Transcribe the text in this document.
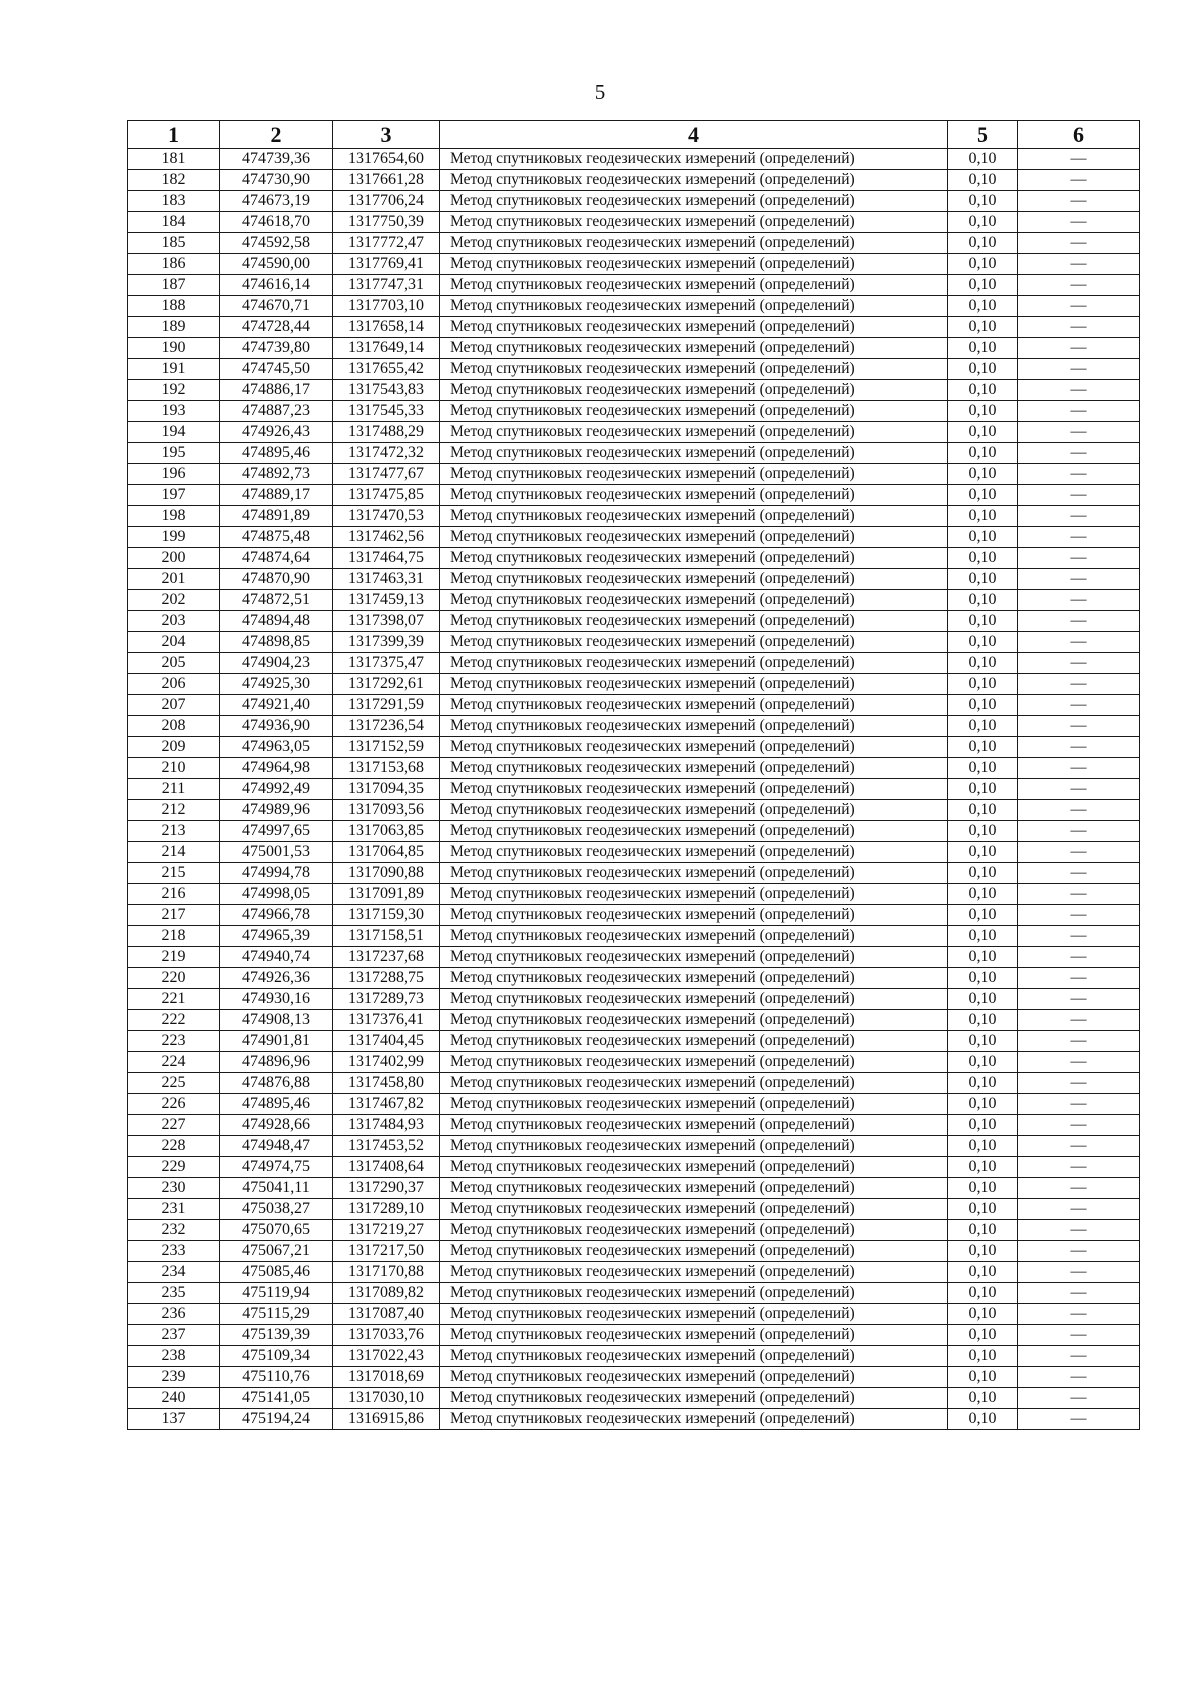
5
1	2	3	4	5	6
181	474739,36	1317654,60	Метод спутниковых геодезических измерений (определений)	0,10	—
182	474730,90	1317661,28	Метод спутниковых геодезических измерений (определений)	0,10	—
183	474673,19	1317706,24	Метод спутниковых геодезических измерений (определений)	0,10	—
184	474618,70	1317750,39	Метод спутниковых геодезических измерений (определений)	0,10	—
185	474592,58	1317772,47	Метод спутниковых геодезических измерений (определений)	0,10	—
186	474590,00	1317769,41	Метод спутниковых геодезических измерений (определений)	0,10	—
187	474616,14	1317747,31	Метод спутниковых геодезических измерений (определений)	0,10	—
188	474670,71	1317703,10	Метод спутниковых геодезических измерений (определений)	0,10	—
189	474728,44	1317658,14	Метод спутниковых геодезических измерений (определений)	0,10	—
190	474739,80	1317649,14	Метод спутниковых геодезических измерений (определений)	0,10	—
191	474745,50	1317655,42	Метод спутниковых геодезических измерений (определений)	0,10	—
192	474886,17	1317543,83	Метод спутниковых геодезических измерений (определений)	0,10	—
193	474887,23	1317545,33	Метод спутниковых геодезических измерений (определений)	0,10	—
194	474926,43	1317488,29	Метод спутниковых геодезических измерений (определений)	0,10	—
195	474895,46	1317472,32	Метод спутниковых геодезических измерений (определений)	0,10	—
196	474892,73	1317477,67	Метод спутниковых геодезических измерений (определений)	0,10	—
197	474889,17	1317475,85	Метод спутниковых геодезических измерений (определений)	0,10	—
198	474891,89	1317470,53	Метод спутниковых геодезических измерений (определений)	0,10	—
199	474875,48	1317462,56	Метод спутниковых геодезических измерений (определений)	0,10	—
200	474874,64	1317464,75	Метод спутниковых геодезических измерений (определений)	0,10	—
201	474870,90	1317463,31	Метод спутниковых геодезических измерений (определений)	0,10	—
202	474872,51	1317459,13	Метод спутниковых геодезических измерений (определений)	0,10	—
203	474894,48	1317398,07	Метод спутниковых геодезических измерений (определений)	0,10	—
204	474898,85	1317399,39	Метод спутниковых геодезических измерений (определений)	0,10	—
205	474904,23	1317375,47	Метод спутниковых геодезических измерений (определений)	0,10	—
206	474925,30	1317292,61	Метод спутниковых геодезических измерений (определений)	0,10	—
207	474921,40	1317291,59	Метод спутниковых геодезических измерений (определений)	0,10	—
208	474936,90	1317236,54	Метод спутниковых геодезических измерений (определений)	0,10	—
209	474963,05	1317152,59	Метод спутниковых геодезических измерений (определений)	0,10	—
210	474964,98	1317153,68	Метод спутниковых геодезических измерений (определений)	0,10	—
211	474992,49	1317094,35	Метод спутниковых геодезических измерений (определений)	0,10	—
212	474989,96	1317093,56	Метод спутниковых геодезических измерений (определений)	0,10	—
213	474997,65	1317063,85	Метод спутниковых геодезических измерений (определений)	0,10	—
214	475001,53	1317064,85	Метод спутниковых геодезических измерений (определений)	0,10	—
215	474994,78	1317090,88	Метод спутниковых геодезических измерений (определений)	0,10	—
216	474998,05	1317091,89	Метод спутниковых геодезических измерений (определений)	0,10	—
217	474966,78	1317159,30	Метод спутниковых геодезических измерений (определений)	0,10	—
218	474965,39	1317158,51	Метод спутниковых геодезических измерений (определений)	0,10	—
219	474940,74	1317237,68	Метод спутниковых геодезических измерений (определений)	0,10	—
220	474926,36	1317288,75	Метод спутниковых геодезических измерений (определений)	0,10	—
221	474930,16	1317289,73	Метод спутниковых геодезических измерений (определений)	0,10	—
222	474908,13	1317376,41	Метод спутниковых геодезических измерений (определений)	0,10	—
223	474901,81	1317404,45	Метод спутниковых геодезических измерений (определений)	0,10	—
224	474896,96	1317402,99	Метод спутниковых геодезических измерений (определений)	0,10	—
225	474876,88	1317458,80	Метод спутниковых геодезических измерений (определений)	0,10	—
226	474895,46	1317467,82	Метод спутниковых геодезических измерений (определений)	0,10	—
227	474928,66	1317484,93	Метод спутниковых геодезических измерений (определений)	0,10	—
228	474948,47	1317453,52	Метод спутниковых геодезических измерений (определений)	0,10	—
229	474974,75	1317408,64	Метод спутниковых геодезических измерений (определений)	0,10	—
230	475041,11	1317290,37	Метод спутниковых геодезических измерений (определений)	0,10	—
231	475038,27	1317289,10	Метод спутниковых геодезических измерений (определений)	0,10	—
232	475070,65	1317219,27	Метод спутниковых геодезических измерений (определений)	0,10	—
233	475067,21	1317217,50	Метод спутниковых геодезических измерений (определений)	0,10	—
234	475085,46	1317170,88	Метод спутниковых геодезических измерений (определений)	0,10	—
235	475119,94	1317089,82	Метод спутниковых геодезических измерений (определений)	0,10	—
236	475115,29	1317087,40	Метод спутниковых геодезических измерений (определений)	0,10	—
237	475139,39	1317033,76	Метод спутниковых геодезических измерений (определений)	0,10	—
238	475109,34	1317022,43	Метод спутниковых геодезических измерений (определений)	0,10	—
239	475110,76	1317018,69	Метод спутниковых геодезических измерений (определений)	0,10	—
240	475141,05	1317030,10	Метод спутниковых геодезических измерений (определений)	0,10	—
137	475194,24	1316915,86	Метод спутниковых геодезических измерений (определений)	0,10	—
